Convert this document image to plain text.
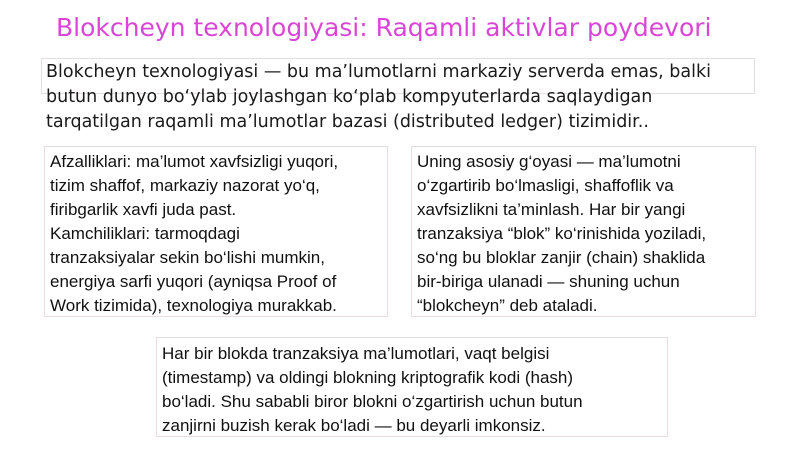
Blokcheyn texnologiyasi: Raqamli aktivlar poydevori
Blokcheyn texnologiyasi — bu ma’lumotlarni markaziy serverda emas, balki
butun dunyo bo‘ylab joylashgan ko‘plab kompyuterlarda saqlaydigan
tarqatilgan raqamli ma’lumotlar bazasi (distributed ledger) tizimidir..
Afzalliklari: ma’lumot xavfsizligi yuqori,
tizim shaffof, markaziy nazorat yo‘q,
firibgarlik xavfi juda past.
Kamchiliklari: tarmoqdagi
tranzaksiyalar sekin bo‘lishi mumkin,
energiya sarfi yuqori (ayniqsa Proof of
Work tizimida), texnologiya murakkab.
Uning asosiy g‘oyasi — ma’lumotni
o‘zgartirib bo‘lmasligi, shaffoflik va
xavfsizlikni ta’minlash. Har bir yangi
tranzaksiya “blok” ko‘rinishida yoziladi,
so‘ng bu bloklar zanjir (chain) shaklida
bir-biriga ulanadi — shuning uchun
“blokcheyn” deb ataladi.
Har bir blokda tranzaksiya ma’lumotlari, vaqt belgisi
(timestamp) va oldingi blokning kriptografik kodi (hash)
bo‘ladi. Shu sababli biror blokni o‘zgartirish uchun butun
zanjirni buzish kerak bo‘ladi — bu deyarli imkonsiz.
